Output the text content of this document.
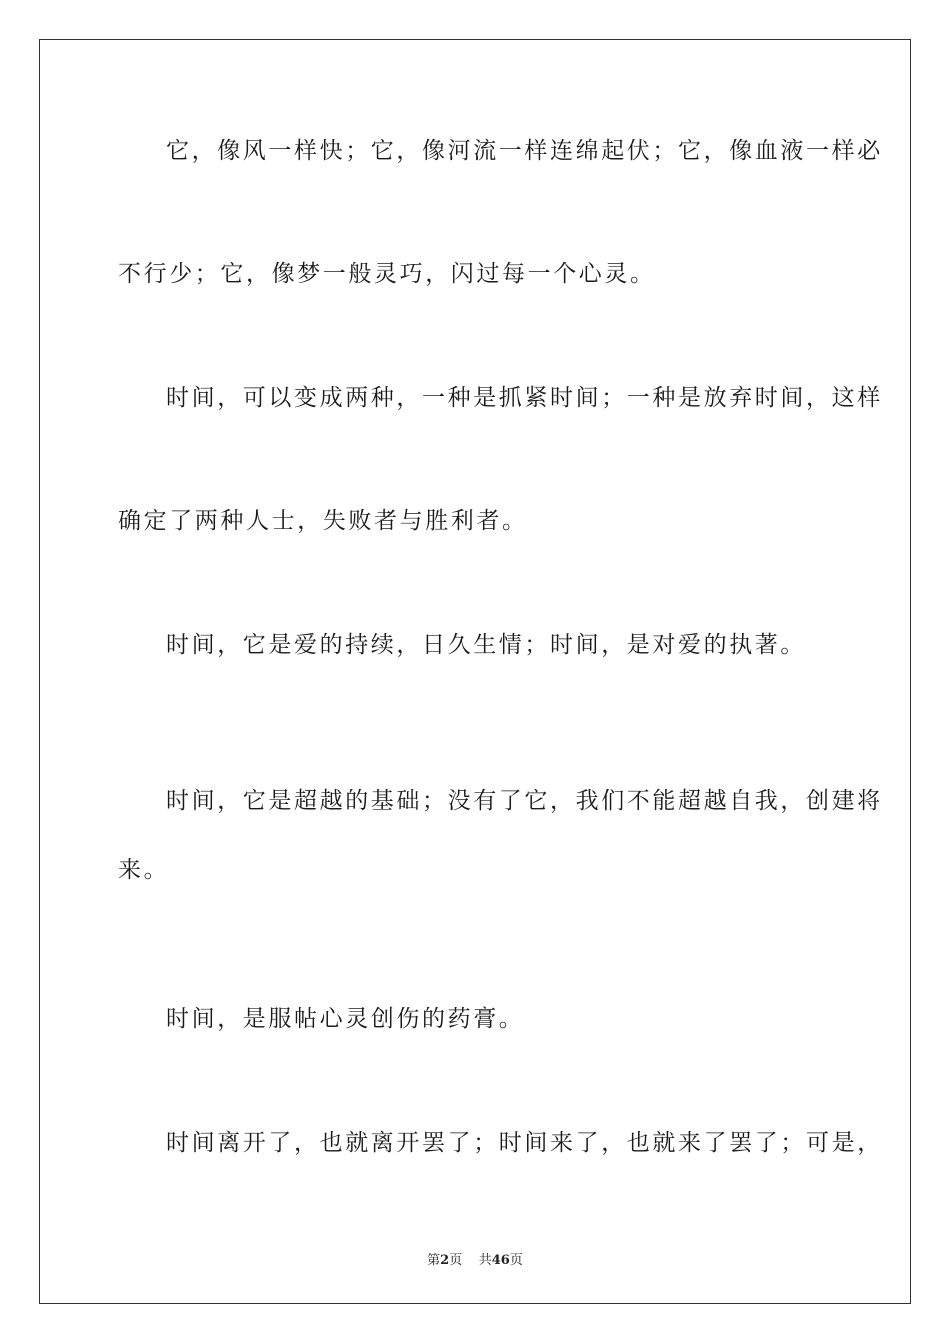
它，像风一样快；它，像河流一样连绵起伏；它，像血液一样必
不行少；它，像梦一般灵巧，闪过每一个心灵。
时间，可以变成两种，一种是抓紧时间；一种是放弃时间，这样
确定了两种人士，失败者与胜利者。
时间，它是爱的持续，日久生情；时间，是对爱的执著。
时间，它是超越的基础；没有了它，我们不能超越自我，创建将
来。
时间，是服帖心灵创伤的药膏。
时间离开了，也就离开罢了；时间来了，也就来了罢了；可是，
第2页 共46页
